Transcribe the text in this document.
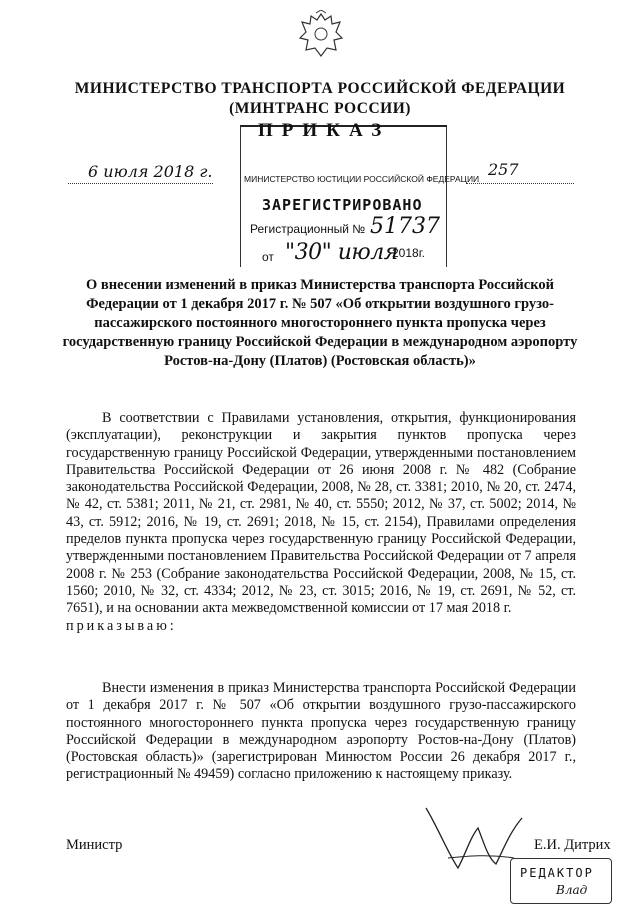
МИНИСТЕРСТВО ТРАНСПОРТА РОССИЙСКОЙ ФЕДЕРАЦИИ
(МИНТРАНС РОССИИ)
ПРИКАЗ
МИНИСТЕРСТВО ЮСТИЦИИ РОССИЙСКОЙ ФЕДЕРАЦИИ
ЗАРЕГИСТРИРОВАНО
Регистрационный № 51737
от "30" июля
2018г.
6 июля 2018 г.	257
О внесении изменений в приказ Министерства транспорта Российской Федерации от 1 декабря 2017 г. № 507 «Об открытии воздушного грузо-пассажирского постоянного многостороннего пункта пропуска через государственную границу Российской Федерации в международном аэропорту Ростов-на-Дону (Платов) (Ростовская область)»
В соответствии с Правилами установления, открытия, функционирования (эксплуатации), реконструкции и закрытия пунктов пропуска через государственную границу Российской Федерации, утвержденными постановлением Правительства Российской Федерации от 26 июня 2008 г. № 482 (Собрание законодательства Российской Федерации, 2008, № 28, ст. 3381; 2010, № 20, ст. 2474, № 42, ст. 5381; 2011, № 21, ст. 2981, № 40, ст. 5550; 2012, № 37, ст. 5002; 2014, № 43, ст. 5912; 2016, № 19, ст. 2691; 2018, № 15, ст. 2154), Правилами определения пределов пункта пропуска через государственную границу Российской Федерации, утвержденными постановлением Правительства Российской Федерации от 7 апреля 2008 г. № 253 (Собрание законодательства Российской Федерации, 2008, № 15, ст. 1560; 2010, № 32, ст. 4334; 2012, № 23, ст. 3015; 2016, № 19, ст. 2691, № 52, ст. 7651), и на основании акта межведомственной комиссии от 17 мая 2018 г.
приказываю:
Внести изменения в приказ Министерства транспорта Российской Федерации от 1 декабря 2017 г. № 507 «Об открытии воздушного грузо-пассажирского постоянного многостороннего пункта пропуска через государственную границу Российской Федерации в международном аэропорту Ростов-на-Дону (Платов) (Ростовская область)» (зарегистрирован Минюстом России 26 декабря 2017 г., регистрационный № 49459) согласно приложению к настоящему приказу.
Министр	Е.И. Дитрих
РЕДАКТОР
Влад
